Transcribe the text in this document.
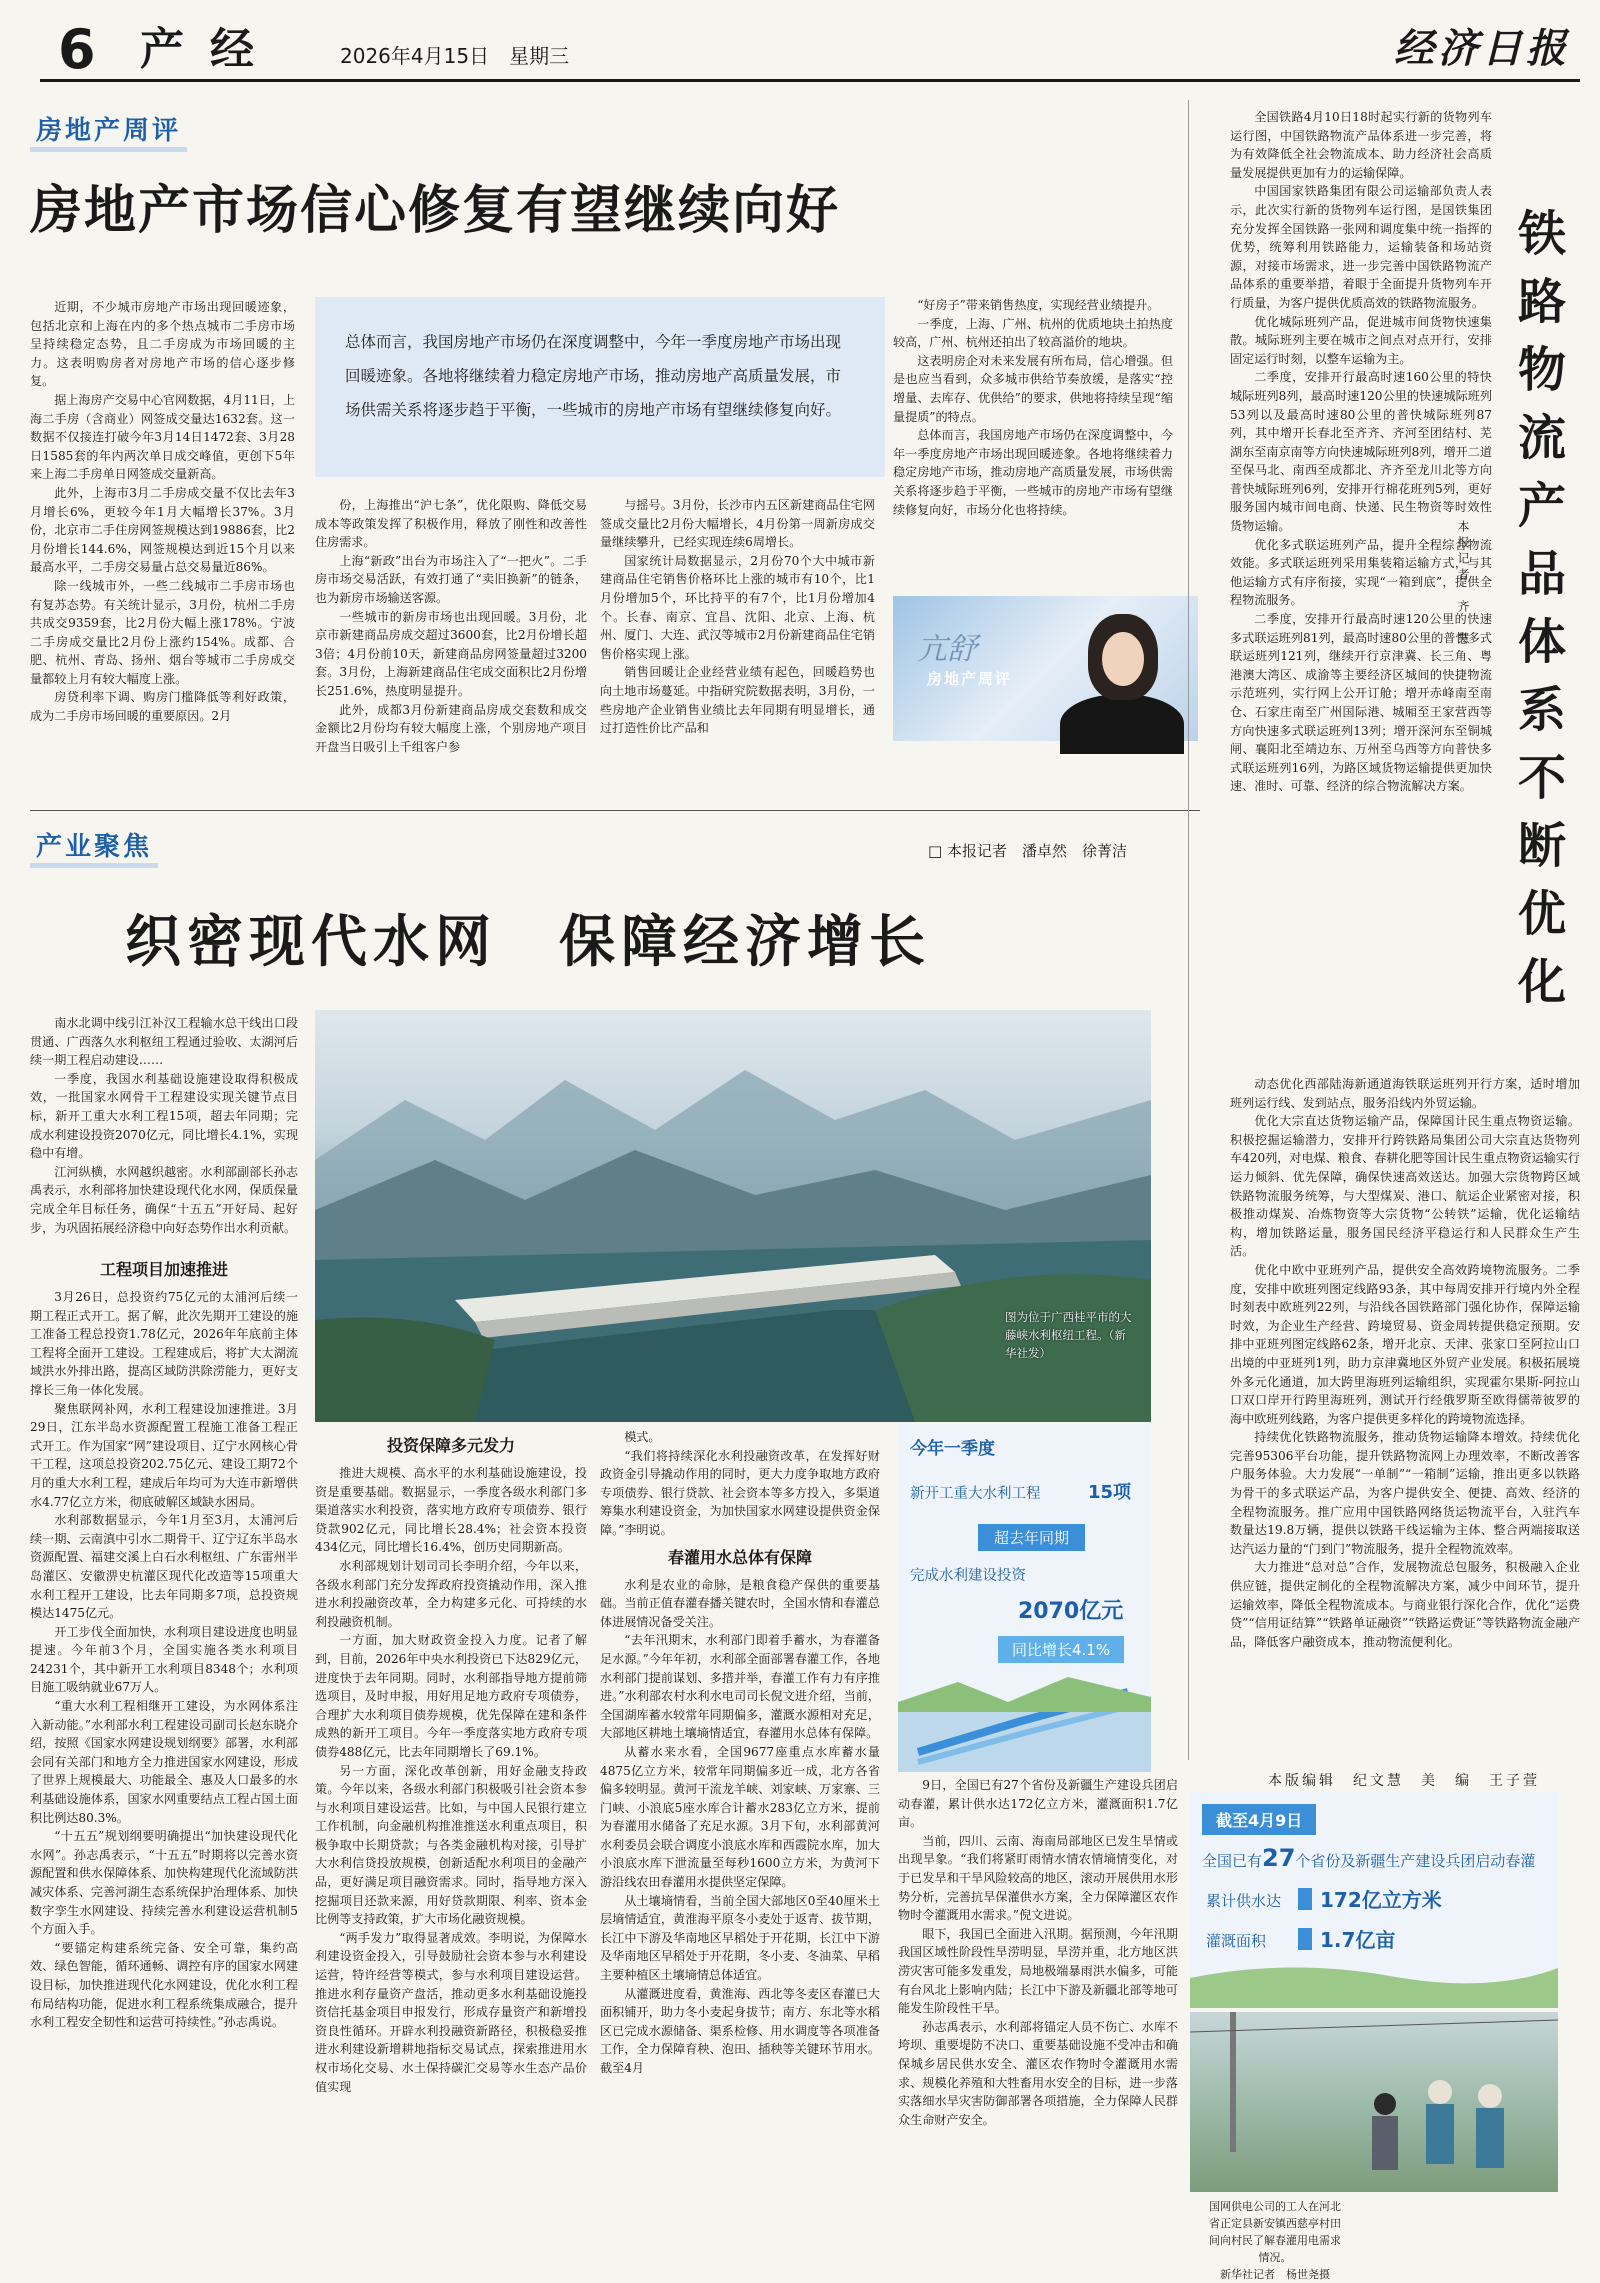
6 产经	2026年4月15日　星期三	经济日报
房地产周评
房地产市场信心修复有望继续向好

近期，不少城市房地产市场出现回暖迹象，包括北京和上海在内的多个热点城市二手房市场呈持续稳定态势，且二手房成为市场回暖的主力。这表明购房者对房地产市场的信心逐步修复。

据上海房产交易中心官网数据，4月11日，上海二手房（含商业）网签成交量达1632套。这一数据不仅接连打破今年3月14日1472套、3月28日1585套的年内两次单日成交峰值，更创下5年来上海二手房单日网签成交量新高。

此外，上海市3月二手房成交量不仅比去年3月增长6%，更较今年1月大幅增长37%。3月份，北京市二手住房网签规模达到19886套，比2月份增长144.6%，网签规模达到近15个月以来最高水平，二手房交易量占总交易量近86%。

除一线城市外，一些二线城市二手房市场也有复苏态势。有关统计显示，3月份，杭州二手房共成交9359套，比2月份大幅上涨178%。宁波二手房成交量比2月份上涨约154%。成都、合肥、杭州、青岛、扬州、烟台等城市二手房成交量都较上月有较大幅度上涨。

房贷利率下调、购房门槛降低等利好政策，成为二手房市场回暖的重要原因。2月

总体而言，我国房地产市场仍在深度调整中，今年一季度房地产市场出现回暖迹象。各地将继续着力稳定房地产市场，推动房地产高质量发展，市场供需关系将逐步趋于平衡，一些城市的房地产市场有望继续修复向好。

份，上海推出“沪七条”，优化限购、降低交易成本等政策发挥了积极作用，释放了刚性和改善性住房需求。

上海“新政”出台为市场注入了“一把火”。二手房市场交易活跃，有效打通了“卖旧换新”的链条，也为新房市场输送客源。

一些城市的新房市场也出现回暖。3月份，北京市新建商品房成交超过3600套，比2月份增长超3倍；4月份前10天，新建商品房网签量超过3200套。3月份，上海新建商品住宅成交面积比2月份增长251.6%，热度明显提升。

此外，成都3月份新建商品房成交套数和成交金额比2月份均有较大幅度上涨，个别房地产项目开盘当日吸引上千组客户参

与摇号。3月份，长沙市内五区新建商品住宅网签成交量比2月份大幅增长，4月份第一周新房成交量继续攀升，已经实现连续6周增长。

国家统计局数据显示，2月份70个大中城市新建商品住宅销售价格环比上涨的城市有10个，比1月份增加5个，环比持平的有7个，比1月份增加4个。长春、南京、宜昌、沈阳、北京、上海、杭州、厦门、大连、武汉等城市2月份新建商品住宅销售价格实现上涨。

销售回暖让企业经营业绩有起色，回暖趋势也向土地市场蔓延。中指研究院数据表明，3月份，一些房地产企业销售业绩比去年同期有明显增长，通过打造性价比产品和

“好房子”带来销售热度，实现经营业绩提升。

一季度，上海、广州、杭州的优质地块土拍热度较高，广州、杭州还拍出了较高溢价的地块。

这表明房企对未来发展有所布局，信心增强。但是也应当看到，众多城市供给节奏放缓，是落实“控增量、去库存、优供给”的要求，供地将持续呈现“缩量提质”的特点。

总体而言，我国房地产市场仍在深度调整中，今年一季度房地产市场出现回暖迹象。各地将继续着力稳定房地产市场，推动房地产高质量发展，市场供需关系将逐步趋于平衡，一些城市的房地产市场有望继续修复向好，市场分化也将持续。

亢舒
房地产周评
产业聚焦	□ 本报记者　潘卓然　徐菁洁
织密现代水网　保障经济增长

南水北调中线引江补汉工程输水总干线出口段贯通、广西落久水利枢纽工程通过验收、太湖河后续一期工程启动建设……

一季度，我国水利基础设施建设取得积极成效，一批国家水网骨干工程建设实现关键节点目标，新开工重大水利工程15项，超去年同期；完成水利建设投资2070亿元，同比增长4.1%，实现稳中有增。

江河纵横，水网越织越密。水利部副部长孙志禹表示，水利部将加快建设现代化水网，保质保量完成全年目标任务，确保“十五五”开好局、起好步，为巩固拓展经济稳中向好态势作出水利贡献。

工程项目加速推进

3月26日，总投资约75亿元的太浦河后续一期工程正式开工。据了解，此次先期开工建设的施工准备工程总投资1.78亿元，2026年年底前主体工程将全面开工建设。工程建成后，将扩大太湖流域洪水外排出路，提高区域防洪除涝能力，更好支撑长三角一体化发展。

聚焦联网补网，水利工程建设加速推进。3月29日，江东半岛水资源配置工程施工准备工程正式开工。作为国家“网”建设项目、辽宁水网核心骨干工程，这项总投资202.75亿元、建设工期72个月的重大水利工程，建成后年均可为大连市新增供水4.77亿立方米，彻底破解区域缺水困局。

水利部数据显示，今年1月至3月，太浦河后续一期、云南滇中引水二期骨干、辽宁辽东半岛水资源配置、福建交溪上白石水利枢纽、广东雷州半岛灌区、安徽淠史杭灌区现代化改造等15项重大水利工程开工建设，比去年同期多7项，总投资规模达1475亿元。

开工步伐全面加快，水利项目建设进度也明显提速。今年前3个月，全国实施各类水利项目24231个，其中新开工水利项目8348个；水利项目施工吸纳就业67万人。

“重大水利工程相继开工建设，为水网体系注入新动能。”水利部水利工程建设司副司长赵东晓介绍，按照《国家水网建设规划纲要》部署，水利部会同有关部门和地方全力推进国家水网建设，形成了世界上规模最大、功能最全、惠及人口最多的水利基础设施体系，国家水网重要结点工程占国土面积比例达80.3%。

“十五五”规划纲要明确提出“加快建设现代化水网”。孙志禹表示，“十五五”时期将以完善水资源配置和供水保障体系、加快构建现代化流域防洪减灾体系、完善河湖生态系统保护治理体系、加快数字孪生水网建设、持续完善水利建设运营机制5个方面入手。

“要锚定构建系统完备、安全可靠，集约高效、绿色智能，循环通畅、调控有序的国家水网建设目标，加快推进现代化水网建设，优化水利工程布局结构功能，促进水利工程系统集成融合，提升水利工程安全韧性和运营可持续性。”孙志禹说。

图为位于广西桂平市的大藤峡水利枢纽工程。（新华社发）
投资保障多元发力

推进大规模、高水平的水利基础设施建设，投资是重要基础。数据显示，一季度各级水利部门多渠道落实水利投资，落实地方政府专项债券、银行贷款902亿元，同比增长28.4%；社会资本投资434亿元，同比增长16.4%，创历史同期新高。

水利部规划计划司司长李明介绍，今年以来，各级水利部门充分发挥政府投资撬动作用，深入推进水利投融资改革，全力构建多元化、可持续的水利投融资机制。

一方面，加大财政资金投入力度。记者了解到，目前，2026年中央水利投资已下达829亿元，进度快于去年同期。同时，水利部指导地方提前筛选项目，及时申报，用好用足地方政府专项债券，合理扩大水利项目债券规模，优先保障在建和条件成熟的新开工项目。今年一季度落实地方政府专项债券488亿元，比去年同期增长了69.1%。

另一方面，深化改革创新，用好金融支持政策。今年以来，各级水利部门积极吸引社会资本参与水利项目建设运营。比如，与中国人民银行建立工作机制，向金融机构推准推送水利重点项目，积极争取中长期贷款；与各类金融机构对接，引导扩大水利信贷投放规模，创新适配水利项目的金融产品，更好满足项目融资需求。同时，指导地方深入挖掘项目还款来源，用好贷款期限、利率、资本金比例等支持政策，扩大市场化融资规模。

“两手发力”取得显著成效。李明说，为保障水利建设资金投入，引导鼓励社会资本参与水利建设运营，特许经营等模式，参与水利项目建设运营。推进水利存量资产盘活，推动更多水利基础设施投资信托基金项目申报发行，形成存量资产和新增投资良性循环。开辟水利投融资新路径，积极稳妥推进水利建设新增耕地指标交易试点，探索推进用水权市场化交易、水土保持碳汇交易等水生态产品价值实现

模式。

“我们将持续深化水利投融资改革，在发挥好财政资金引导撬动作用的同时，更大力度争取地方政府专项债券、银行贷款、社会资本等多方投入，多渠道筹集水利建设资金，为加快国家水网建设提供资金保障。”李明说。

春灌用水总体有保障

水利是农业的命脉，是粮食稳产保供的重要基础。当前正值春灌春播关键农时，全国水情和春灌总体进展情况备受关注。

“去年汛期末，水利部门即着手蓄水，为春灌备足水源。”今年年初，水利部全面部署春灌工作，各地水利部门提前谋划、多措并举，春灌工作有力有序推进。”水利部农村水利水电司司长倪文进介绍，当前，全国湖库蓄水较常年同期偏多，灌溉水源相对充足，大部地区耕地土壤墒情适宜，春灌用水总体有保障。

从蓄水来水看，全国9677座重点水库蓄水量4875亿立方米，较常年同期偏多近一成，北方各省偏多较明显。黄河干流龙羊峡、刘家峡、万家寨、三门峡、小浪底5座水库合计蓄水283亿立方米，提前为春灌用水储备了充足水源。3月下旬，水利部黄河水利委员会联合调度小浪底水库和西霞院水库，加大小浪底水库下泄流量至每秒1600立方米，为黄河下游沿线农田春灌用水提供坚定保障。

从土壤墒情看，当前全国大部地区0至40厘米土层墒情适宜，黄淮海平原冬小麦处于返青、拔节期，长江中下游及华南地区早稻处于开花期，长江中下游及华南地区早稻处于开花期，冬小麦、冬油菜、早稻主要种植区土壤墒情总体适宜。

从灌溉进度看，黄淮海、西北等冬麦区春灌已大面积铺开，助力冬小麦起身拔节；南方、东北等水稻区已完成水源储备、渠系检修、用水调度等各项准备工作，全力保障育秧、泡田、插秧等关键环节用水。截至4月

今年一季度
新开工重大水利工程	15项
超去年同期
完成水利建设投资
2070亿元
同比增长4.1%
截至4月9日
全国已有27个省份及新疆生产建设兵团启动春灌
累计供水达 172亿立方米
灌溉面积	1.7亿亩

9日，全国已有27个省份及新疆生产建设兵团启动春灌，累计供水达172亿立方米，灌溉面积1.7亿亩。

当前，四川、云南、海南局部地区已发生旱情或出现旱象。“我们将紧盯雨情水情农情墒情变化，对于已发旱和干旱风险较高的地区，滚动开展供用水形势分析，完善抗旱保灌供水方案，全力保障灌区农作物时令灌溉用水需求。”倪文进说。

眼下，我国已全面进入汛期。据预测，今年汛期我国区域性阶段性旱涝明显，旱涝并重，北方地区洪涝灾害可能多发重发，局地极端暴雨洪水偏多，可能有台风北上影响内陆；长江中下游及新疆北部等地可能发生阶段性干旱。

孙志禹表示，水利部将锚定人员不伤亡、水库不垮坝、重要堤防不决口、重要基础设施不受冲击和确保城乡居民供水安全、灌区农作物时令灌溉用水需求、规模化养殖和大牲畜用水安全的目标，进一步落实落细水旱灾害防御部署各项措施，全力保障人民群众生命财产安全。

国网供电公司的工人在河北省正定县新安镇西慈亭村田间向村民了解春灌用电需求情况。
新华社记者　杨世尧摄

全国铁路4月10日18时起实行新的货物列车运行图，中国铁路物流产品体系进一步完善，将为有效降低全社会物流成本、助力经济社会高质量发展提供更加有力的运输保障。

中国国家铁路集团有限公司运输部负责人表示，此次实行新的货物列车运行图，是国铁集团充分发挥全国铁路一张网和调度集中统一指挥的优势，统筹利用铁路能力，运输装备和场站资源，对接市场需求，进一步完善中国铁路物流产品体系的重要举措，着眼于全面提升货物列车开行质量，为客户提供优质高效的铁路物流服务。

优化城际班列产品，促进城市间货物快速集散。城际班列主要在城市之间点对点开行，安排固定运行时刻，以整车运输为主。

二季度，安排开行最高时速160公里的特快城际班列8列，最高时速120公里的快速城际班列53列以及最高时速80公里的普快城际班列87列，其中增开长春北至齐齐、齐河至团结村、芜湖东至南京南等方向快速城际班列8列，增开二道至保马北、南西至成都北、齐齐至龙川北等方向普快城际班列6列，安排开行棉花班列5列，更好服务国内城市间电商、快递、民生物资等时效性货物运输。

优化多式联运班列产品，提升全程综合物流效能。多式联运班列采用集装箱运输方式，与其他运输方式有序衔接，实现“一箱到底”，提供全程物流服务。

二季度，安排开行最高时速120公里的快速多式联运班列81列，最高时速80公里的普快多式联运班列121列，继续开行京津冀、长三角、粤港澳大湾区、成渝等主要经济区城间的快捷物流示范班列，实行网上公开订舱；增开赤峰南至南仓、石家庄南至广州国际港、城厢至王家营西等方向快速多式联运班列13列；增开深河东至铜城闸、襄阳北至靖边东、万州至乌西等方向普快多式联运班列16列，为路区域货物运输提供更加快速、准时、可靠、经济的综合物流解决方案。

铁路物流产品体系不断优化
本报记者　齐　慧

动态优化西部陆海新通道海铁联运班列开行方案，适时增加班列运行线、发到站点，服务沿线内外贸运输。

优化大宗直达货物运输产品，保障国计民生重点物资运输。积极挖掘运输潜力，安排开行跨铁路局集团公司大宗直达货物列车420列，对电煤、粮食、春耕化肥等国计民生重点物资运输实行运力倾斜、优先保障，确保快速高效送达。加强大宗货物跨区域铁路物流服务统筹，与大型煤炭、港口、航运企业紧密对接，积极推动煤炭、冶炼物资等大宗货物“公转铁”运输，优化运输结构，增加铁路运量，服务国民经济平稳运行和人民群众生产生活。

优化中欧中亚班列产品，提供安全高效跨境物流服务。二季度，安排中欧班列图定线路93条，其中每周安排开行境内外全程时刻表中欧班列22列，与沿线各国铁路部门强化协作，保障运输时效，为企业生产经营、跨境贸易、资金周转提供稳定预期。安排中亚班列图定线路62条，增开北京、天津、张家口至阿拉山口出境的中亚班列1列，助力京津冀地区外贸产业发展。积极拓展境外多元化通道，加大跨里海班列运输组织，实现霍尔果斯-阿拉山口双口岸开行跨里海班列，测试开行经俄罗斯至欧得儒蒂彼罗的海中欧班列线路，为客户提供更多样化的跨境物流选择。

持续优化铁路物流服务，推动货物运输降本增效。持续优化完善95306平台功能，提升铁路物流网上办理效率，不断改善客户服务体验。大力发展“一单制”“一箱制”运输，推出更多以铁路为骨干的多式联运产品，为客户提供安全、便捷、高效、经济的全程物流服务。推广应用中国铁路网络货运物流平台，入驻汽车数量达19.8万辆，提供以铁路干线运输为主体、整合两端接取送达汽运力量的“门到门”物流服务，提升全程物流效率。

大力推进“总对总”合作，发展物流总包服务，积极融入企业供应链，提供定制化的全程物流解决方案，减少中间环节，提升运输效率，降低全程物流成本。与商业银行深化合作，优化“运费贷”“信用证结算”“铁路单证融资”“铁路运费证”等铁路物流金融产品，降低客户融资成本，推动物流便利化。

本版编辑　纪文慧　美　编　王子萱
